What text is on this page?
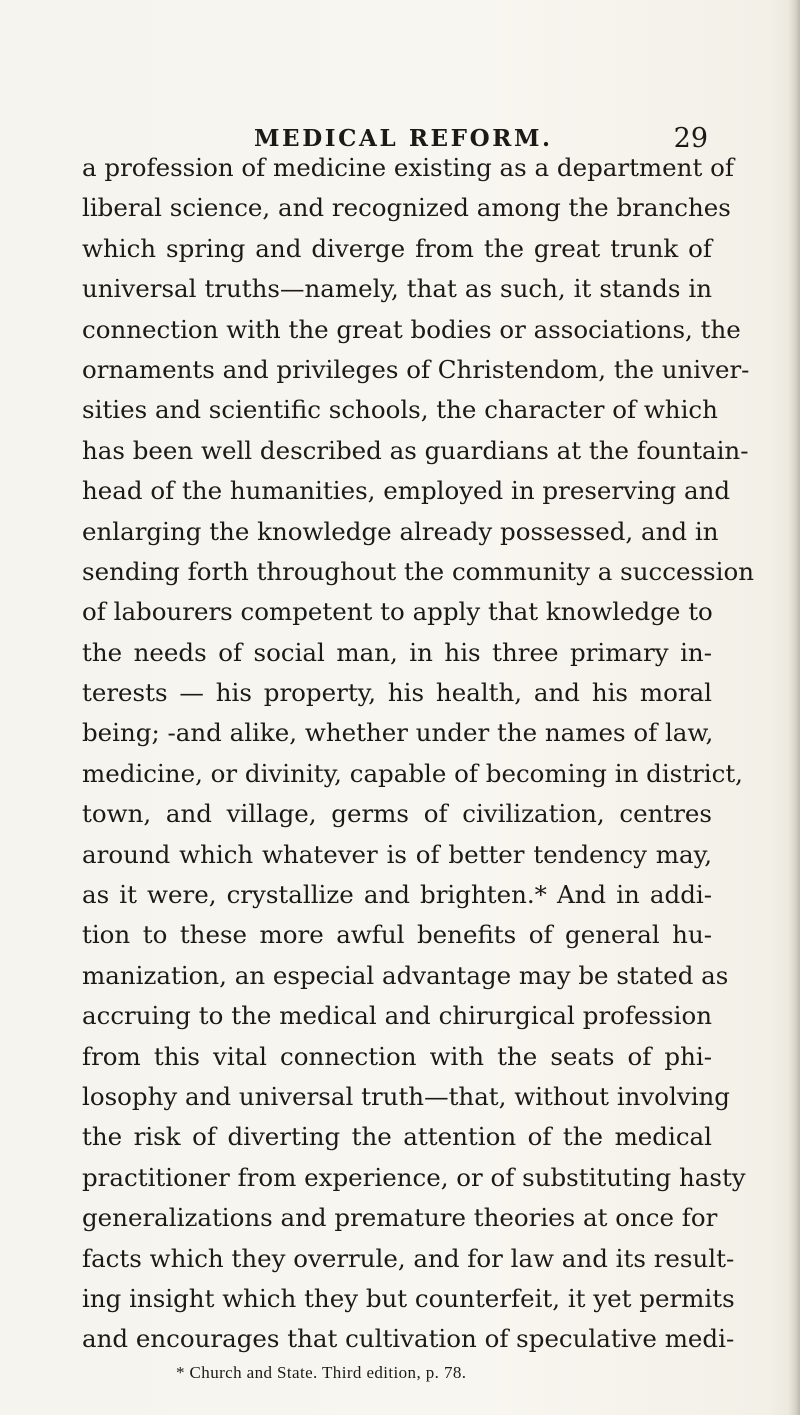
MEDICAL REFORM.	29
a profession of medicine existing as a department of
liberal science, and recognized among the branches
which spring and diverge from the great trunk of
universal truths—namely, that as such, it stands in
connection with the great bodies or associations, the
ornaments and privileges of Christendom, the univer-
sities and scientific schools, the character of which
has been well described as guardians at the fountain-
head of the humanities, employed in preserving and
enlarging the knowledge already possessed, and in
sending forth throughout the community a succession
of labourers competent to apply that knowledge to
the needs of social man, in his three primary in-
terests — his property, his health, and his moral
being; -and alike, whether under the names of law,
medicine, or divinity, capable of becoming in district,
town, and village, germs of civilization, centres
around which whatever is of better tendency may,
as it were, crystallize and brighten.* And in addi-
tion to these more awful benefits of general hu-
manization, an especial advantage may be stated as
accruing to the medical and chirurgical profession
from this vital connection with the seats of phi-
losophy and universal truth—that, without involving
the risk of diverting the attention of the medical
practitioner from experience, or of substituting hasty
generalizations and premature theories at once for
facts which they overrule, and for law and its result-
ing insight which they but counterfeit, it yet permits
and encourages that cultivation of speculative medi-
* Church and State. Third edition, p. 78.
